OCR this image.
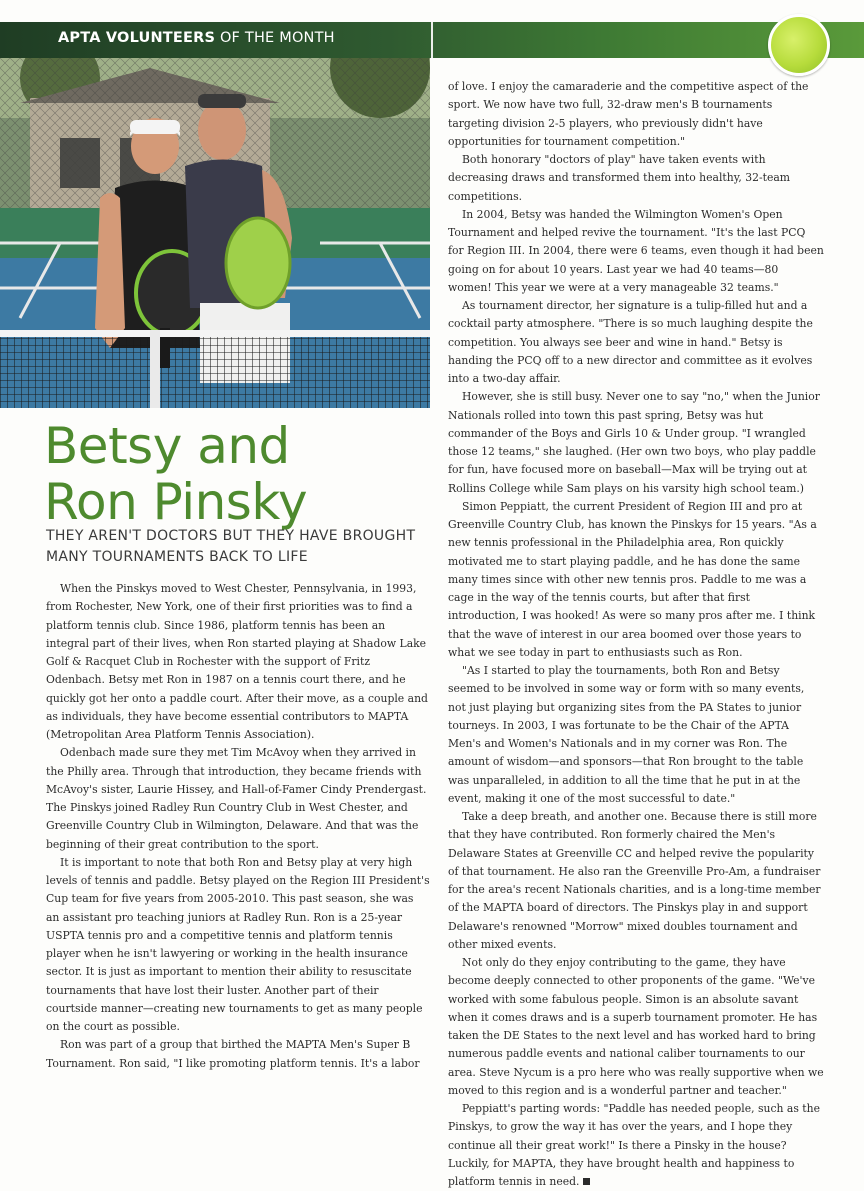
APTA VOLUNTEERS OF THE MONTH
Betsy and
Ron Pinsky
THEY AREN'T DOCTORS BUT THEY HAVE BROUGHT MANY TOURNAMENTS BACK TO LIFE

When the Pinskys moved to West Chester, Pennsylvania, in 1993, from Rochester, New York, one of their first priorities was to find a platform tennis club. Since 1986, platform tennis has been an integral part of their lives, when Ron started playing at Shadow Lake Golf & Racquet Club in Rochester with the support of Fritz Odenbach. Betsy met Ron in 1987 on a tennis court there, and he quickly got her onto a paddle court. After their move, as a couple and as individuals, they have become essential contributors to MAPTA (Metropolitan Area Platform Tennis Association).

Odenbach made sure they met Tim McAvoy when they arrived in the Philly area. Through that introduction, they became friends with McAvoy's sister, Laurie Hissey, and Hall-of-Famer Cindy Prendergast. The Pinskys joined Radley Run Country Club in West Chester, and Greenville Country Club in Wilmington, Delaware. And that was the beginning of their great contribution to the sport.

It is important to note that both Ron and Betsy play at very high levels of tennis and paddle. Betsy played on the Region III President's Cup team for five years from 2005-2010. This past season, she was an assistant pro teaching juniors at Radley Run. Ron is a 25-year USPTA tennis pro and a competitive tennis and platform tennis player when he isn't lawyering or working in the health insurance sector. It is just as important to mention their ability to resuscitate tournaments that have lost their luster. Another part of their courtside manner—creating new tournaments to get as many people on the court as possible.

Ron was part of a group that birthed the MAPTA Men's Super B Tournament. Ron said, "I like promoting platform tennis. It's a labor

of love. I enjoy the camaraderie and the competitive aspect of the sport. We now have two full, 32-draw men's B tournaments targeting division 2-5 players, who previously didn't have opportunities for tournament competition."

Both honorary "doctors of play" have taken events with decreasing draws and transformed them into healthy, 32-team competitions.

In 2004, Betsy was handed the Wilmington Women's Open Tournament and helped revive the tournament. "It's the last PCQ for Region III. In 2004, there were 6 teams, even though it had been going on for about 10 years. Last year we had 40 teams—80 women! This year we were at a very manageable 32 teams."

As tournament director, her signature is a tulip-filled hut and a cocktail party atmosphere. "There is so much laughing despite the competition. You always see beer and wine in hand." Betsy is handing the PCQ off to a new director and committee as it evolves into a two-day affair.

However, she is still busy. Never one to say "no," when the Junior Nationals rolled into town this past spring, Betsy was hut commander of the Boys and Girls 10 & Under group. "I wrangled those 12 teams," she laughed. (Her own two boys, who play paddle for fun, have focused more on baseball—Max will be trying out at Rollins College while Sam plays on his varsity high school team.)

Simon Peppiatt, the current President of Region III and pro at Greenville Country Club, has known the Pinskys for 15 years. "As a new tennis professional in the Philadelphia area, Ron quickly motivated me to start playing paddle, and he has done the same many times since with other new tennis pros. Paddle to me was a cage in the way of the tennis courts, but after that first introduction, I was hooked! As were so many pros after me. I think that the wave of interest in our area boomed over those years to what we see today in part to enthusiasts such as Ron.

"As I started to play the tournaments, both Ron and Betsy seemed to be involved in some way or form with so many events, not just playing but organizing sites from the PA States to junior tourneys. In 2003, I was fortunate to be the Chair of the APTA Men's and Women's Nationals and in my corner was Ron. The amount of wisdom—and sponsors—that Ron brought to the table was unparalleled, in addition to all the time that he put in at the event, making it one of the most successful to date."

Take a deep breath, and another one. Because there is still more that they have contributed. Ron formerly chaired the Men's Delaware States at Greenville CC and helped revive the popularity of that tournament. He also ran the Greenville Pro-Am, a fundraiser for the area's recent Nationals charities, and is a long-time member of the MAPTA board of directors. The Pinskys play in and support Delaware's renowned "Morrow" mixed doubles tournament and other mixed events.

Not only do they enjoy contributing to the game, they have become deeply connected to other proponents of the game. "We've worked with some fabulous people. Simon is an absolute savant when it comes draws and is a superb tournament promoter. He has taken the DE States to the next level and has worked hard to bring numerous paddle events and national caliber tournaments to our area. Steve Nycum is a pro here who was really supportive when we moved to this region and is a wonderful partner and teacher."

Peppiatt's parting words: "Paddle has needed people, such as the Pinskys, to grow the way it has over the years, and I hope they continue all their great work!" Is there a Pinsky in the house? Luckily, for MAPTA, they have brought health and happiness to platform tennis in need.
